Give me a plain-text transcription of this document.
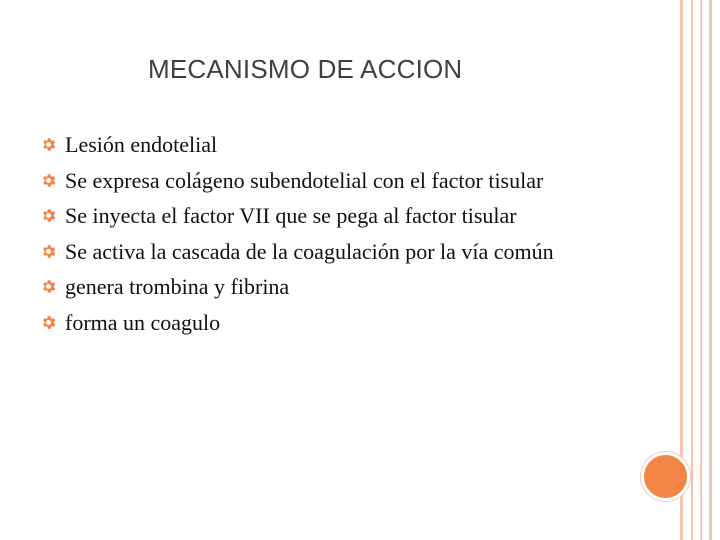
MECANISMO DE ACCION
Lesión endotelial
Se expresa colágeno subendotelial con el factor tisular
Se inyecta el factor VII que se pega al factor tisular
Se activa la cascada de la coagulación por la vía común
genera trombina y fibrina
forma un coagulo
